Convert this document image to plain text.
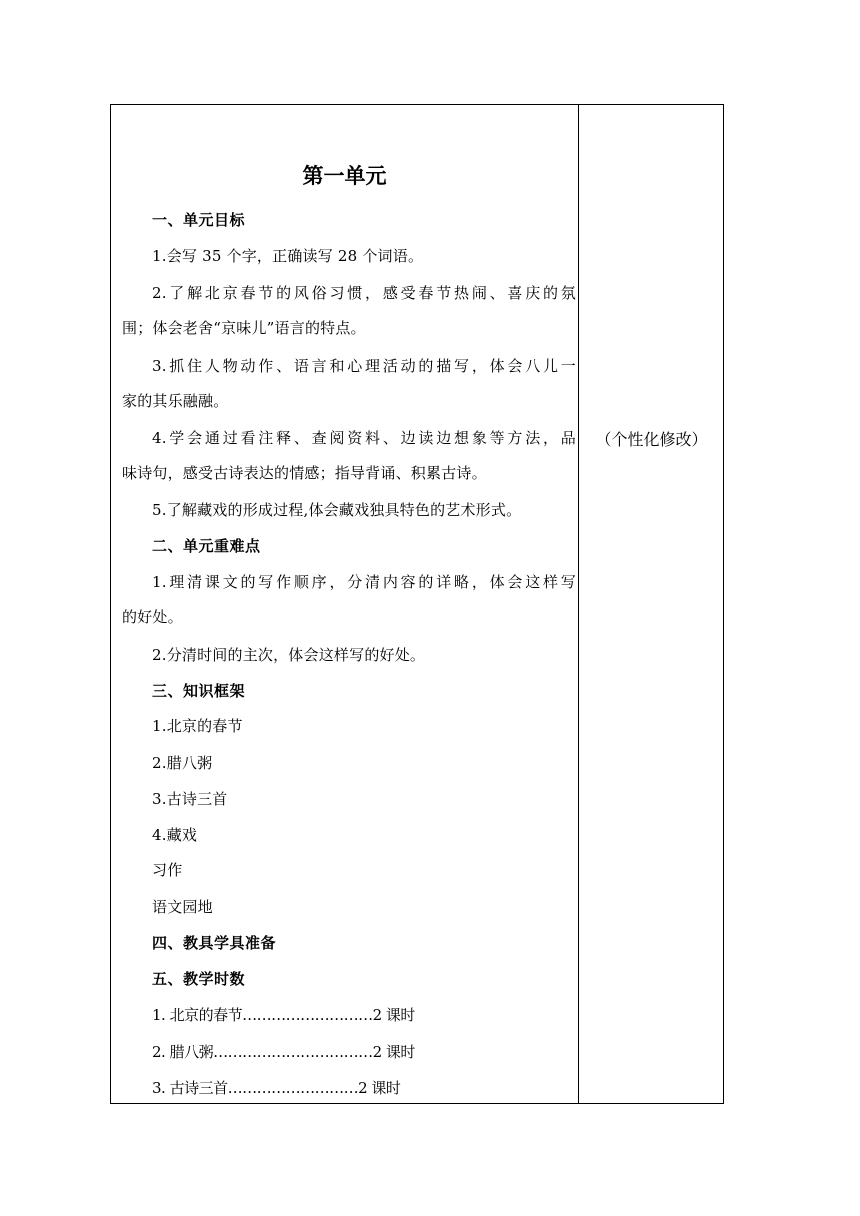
（个性化修改）
第一单元
一、单元目标
1.会写 35 个字，正确读写 28 个词语。
2.了解北京春节的风俗习惯，感受春节热闹、喜庆的氛
围；体会老舍“京味儿”语言的特点。
3.抓住人物动作、语言和心理活动的描写，体会八儿一
家的其乐融融。
4.学会通过看注释、查阅资料、边读边想象等方法，品
味诗句，感受古诗表达的情感；指导背诵、积累古诗。
5.了解藏戏的形成过程,体会藏戏独具特色的艺术形式。
二、单元重难点
1.理清课文的写作顺序，分清内容的详略，体会这样写
的好处。
2.分清时间的主次，体会这样写的好处。
三、知识框架
1.北京的春节
2.腊八粥
3.古诗三首
4.藏戏
习作
语文园地
四、教具学具准备
五、教学时数
1. 北京的春节………………………2 课时
2. 腊八粥……………………………2 课时
3. 古诗三首………………………2 课时
